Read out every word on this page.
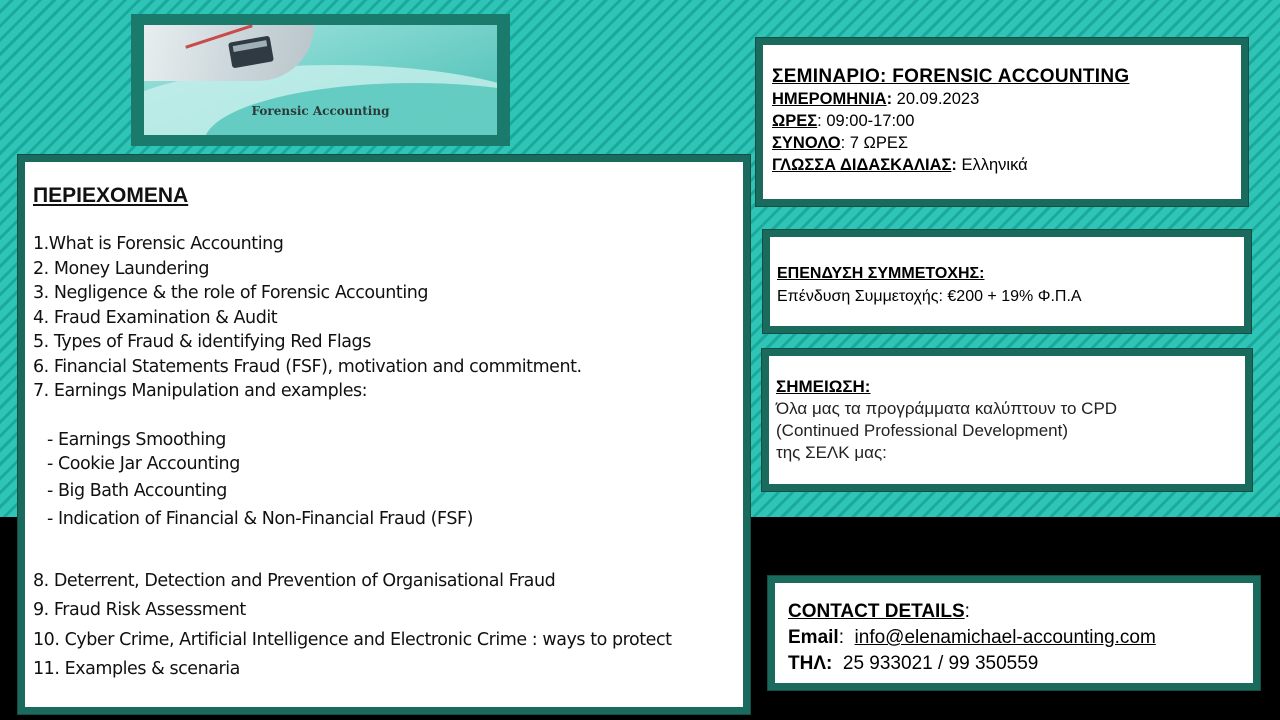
Forensic Accounting
ΠΕΡΙΕΧΟΜΕΝΑ
1.What is Forensic Accounting
2. Money Laundering
3. Negligence & the role of Forensic Accounting
4. Fraud Examination & Audit
5. Types of Fraud & identifying Red Flags
6. Financial Statements Fraud (FSF), motivation and commitment.
7. Earnings Manipulation and examples:
- Earnings Smoothing
- Cookie Jar Accounting
- Big Bath Accounting
- Indication of Financial & Non-Financial Fraud (FSF)
8. Deterrent, Detection and Prevention of Organisational Fraud
9. Fraud Risk Assessment
10. Cyber Crime, Artificial Intelligence and Electronic Crime : ways to protect
11. Examples & scenaria
ΣΕΜΙΝΑΡΙΟ: FORENSIC ACCOUNTING
ΗΜΕΡΟΜΗΝΙΑ: 20.09.2023
ΩΡΕΣ: 09:00-17:00
ΣΥΝΟΛΟ: 7 ΩΡΕΣ
ΓΛΩΣΣΑ ΔΙΔΑΣΚΑΛΙΑΣ: Ελληνικά
ΕΠΕΝΔΥΣΗ ΣΥΜΜΕΤΟΧΗΣ:
Επένδυση Συμμετοχής: €200 + 19% Φ.Π.Α
ΣΗΜΕΙΩΣΗ:
Όλα μας τα προγράμματα καλύπτουν το CPD
(Continued Professional Development)
της ΣΕΛΚ μας:
CONTACT DETAILS:
Email:  info@elenamichael-accounting.com
ΤΗΛ:  25 933021 / 99 350559
